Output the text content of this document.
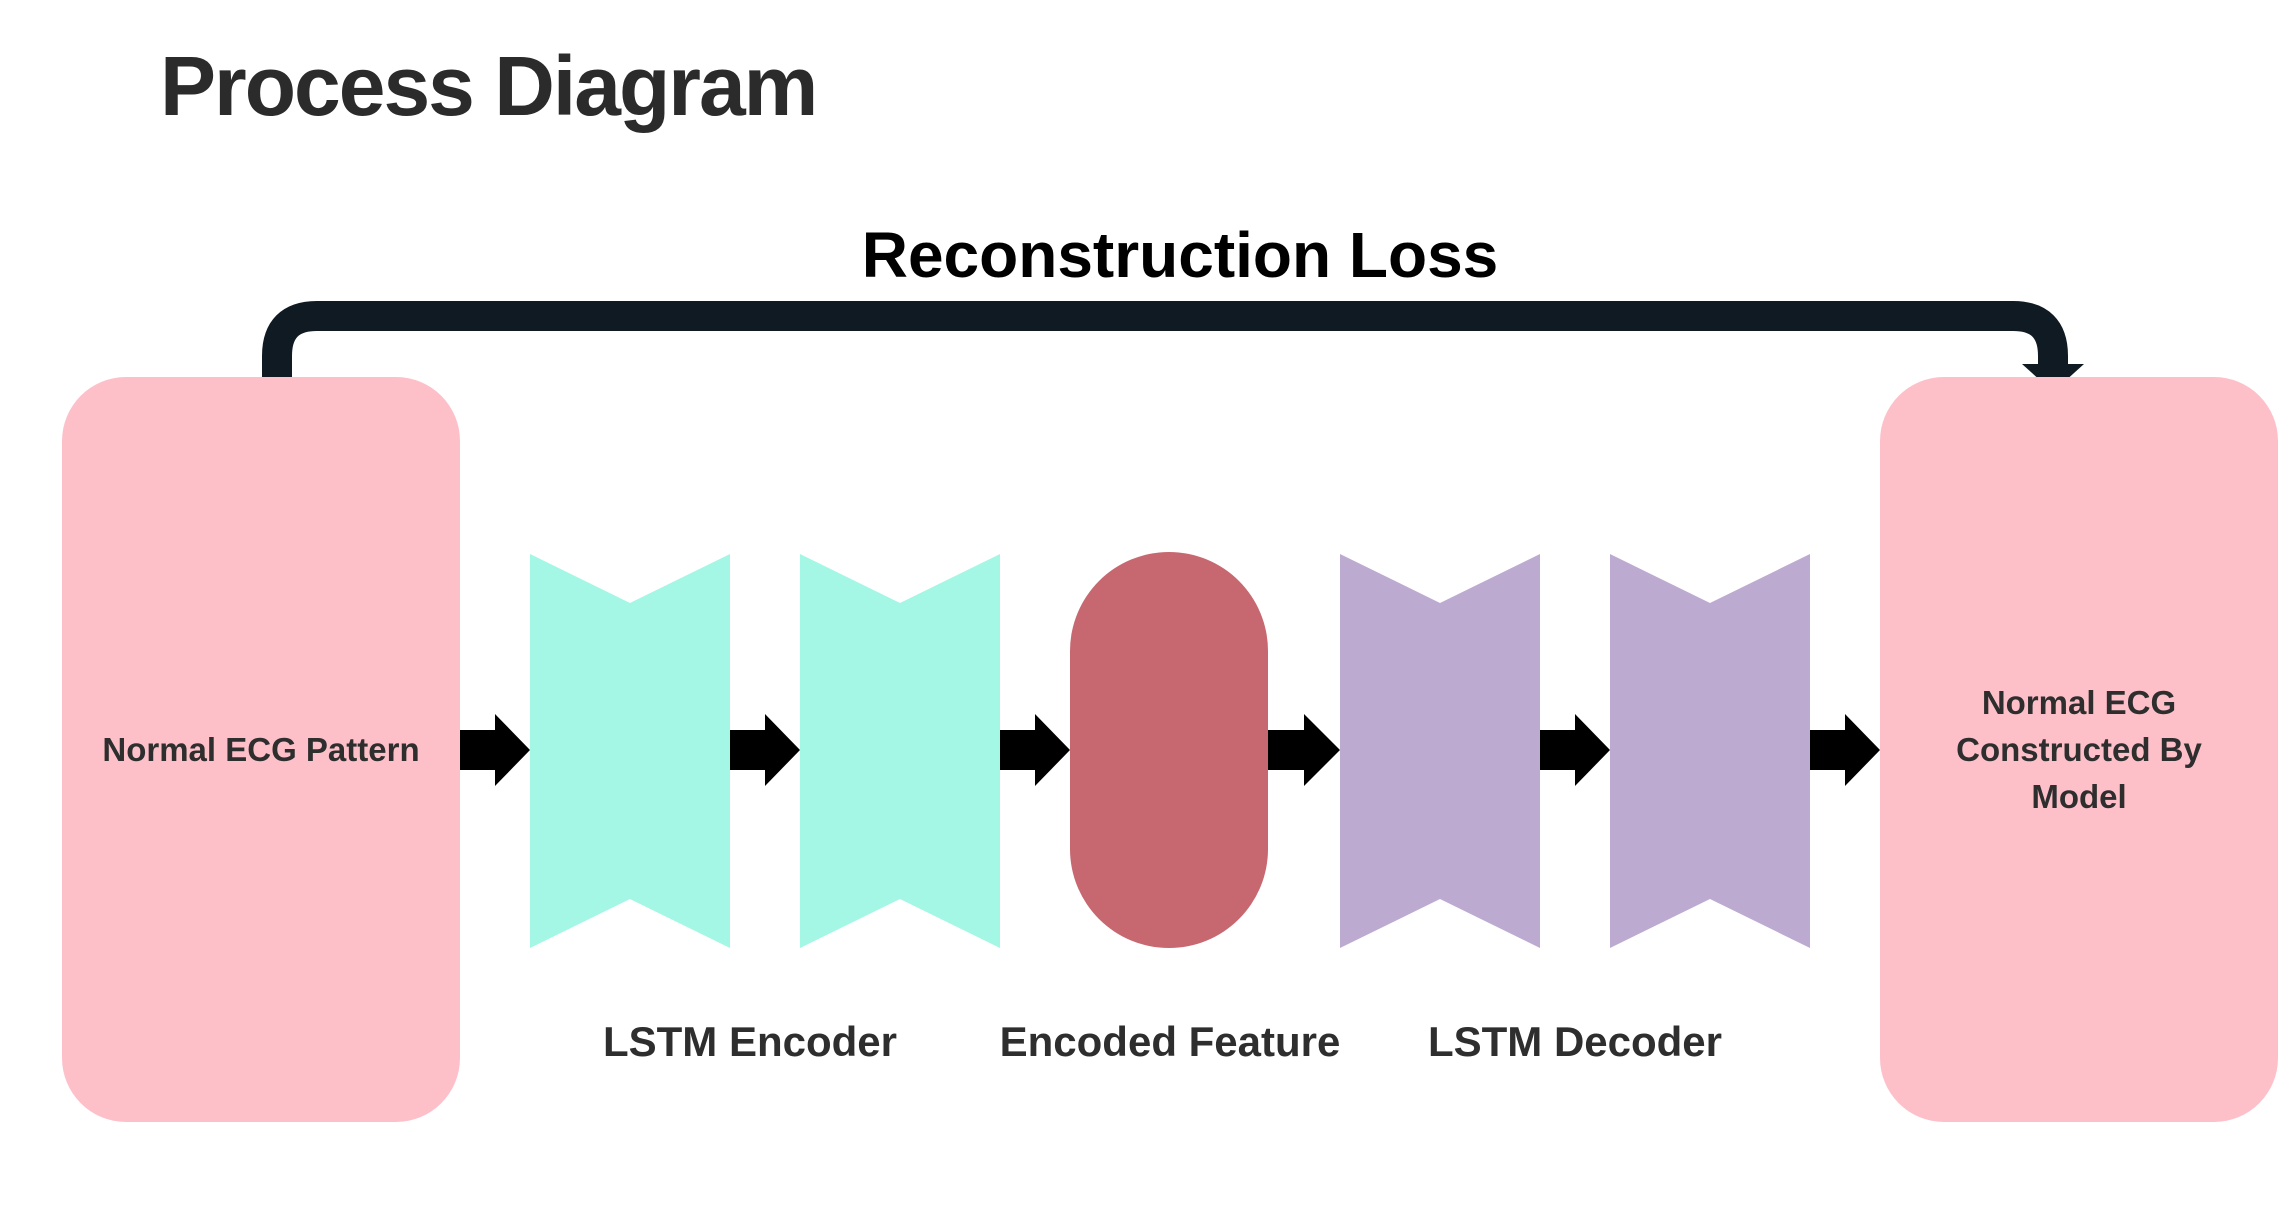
Process Diagram
Reconstruction Loss
Normal ECG Pattern
Normal ECG Constructed By Model
LSTM Encoder	Encoded Feature	LSTM Decoder
